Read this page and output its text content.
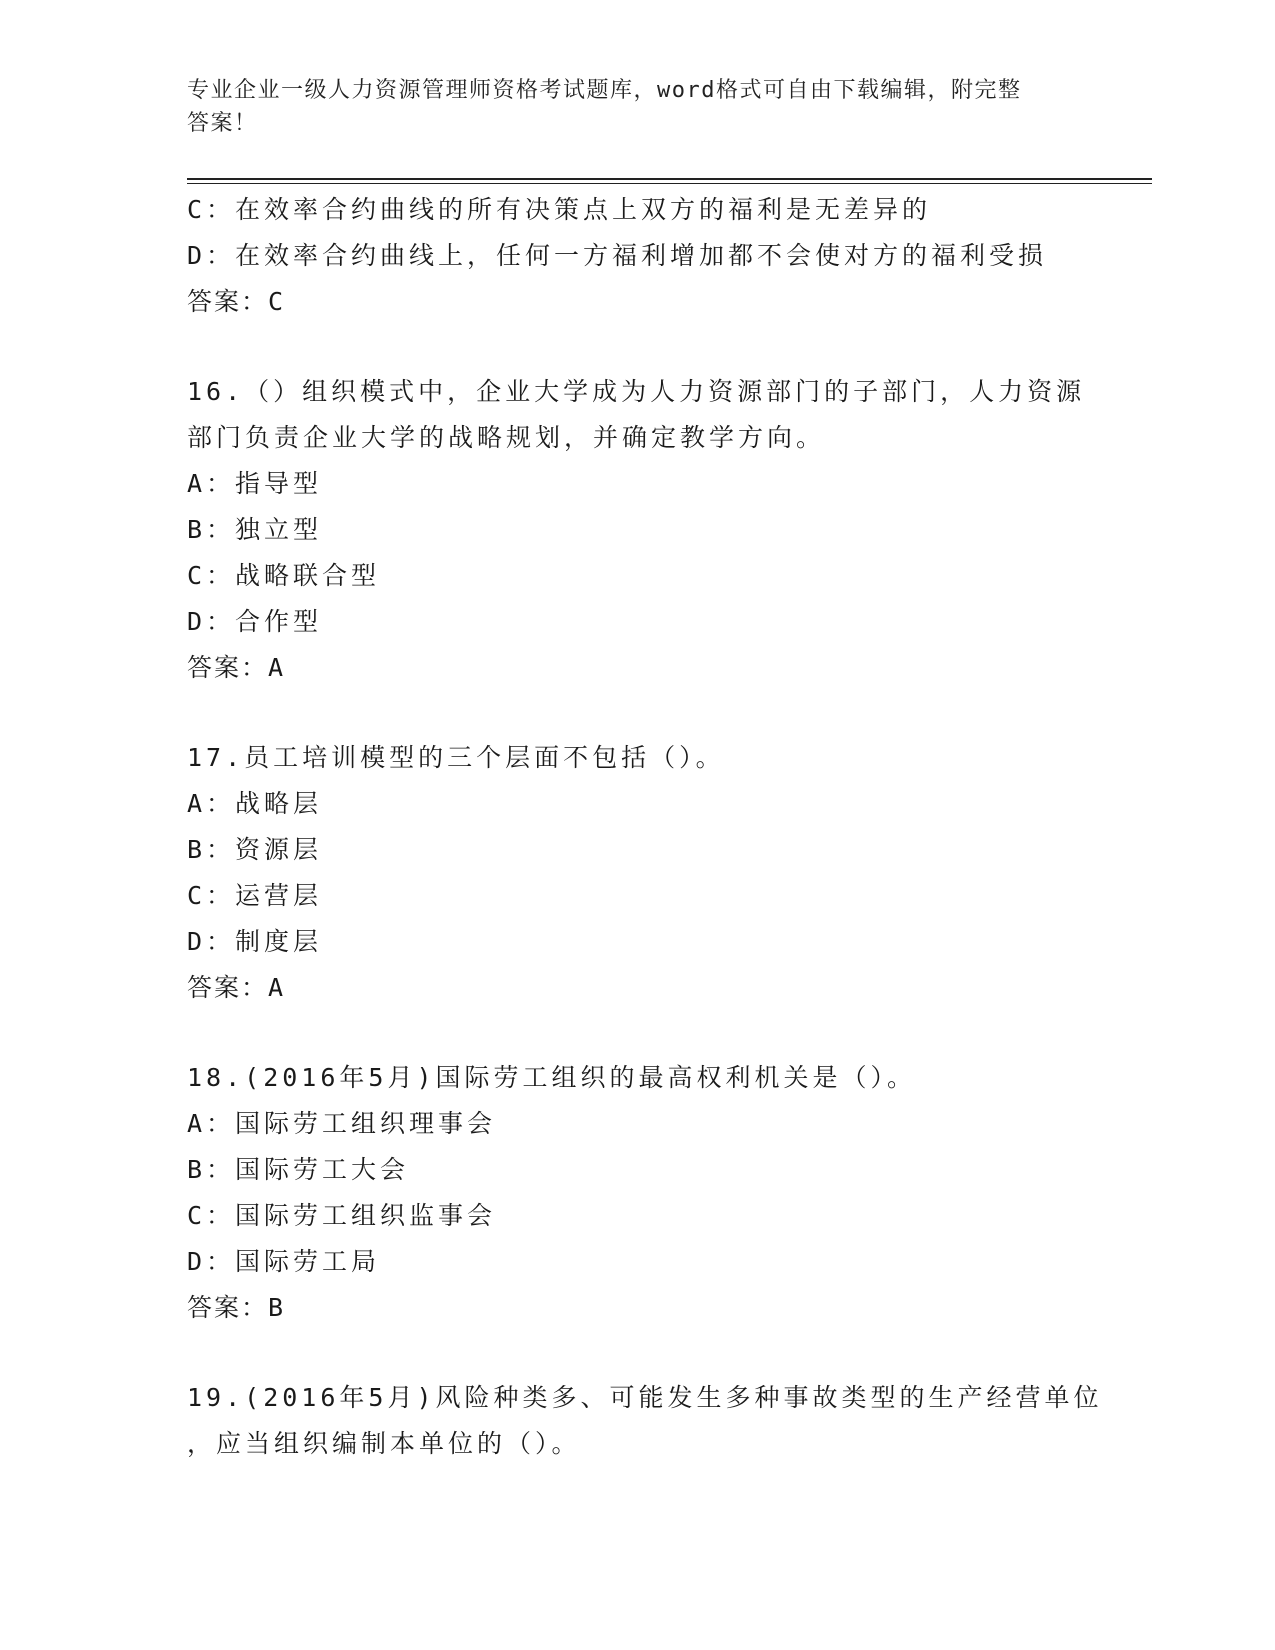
专业企业一级人力资源管理师资格考试题库，word格式可自由下载编辑，附完整
答案！
C：在效率合约曲线的所有决策点上双方的福利是无差异的
D：在效率合约曲线上，任何一方福利增加都不会使对方的福利受损
答案：C
16.（）组织模式中，企业大学成为人力资源部门的子部门，人力资源
部门负责企业大学的战略规划，并确定教学方向。
A：指导型
B：独立型
C：战略联合型
D：合作型
答案：A
17.员工培训模型的三个层面不包括（）。
A：战略层
B：资源层
C：运营层
D：制度层
答案：A
18.(2016年5月)国际劳工组织的最高权利机关是（）。
A：国际劳工组织理事会
B：国际劳工大会
C：国际劳工组织监事会
D：国际劳工局
答案：B
19.(2016年5月)风险种类多、可能发生多种事故类型的生产经营单位
，应当组织编制本单位的（）。
